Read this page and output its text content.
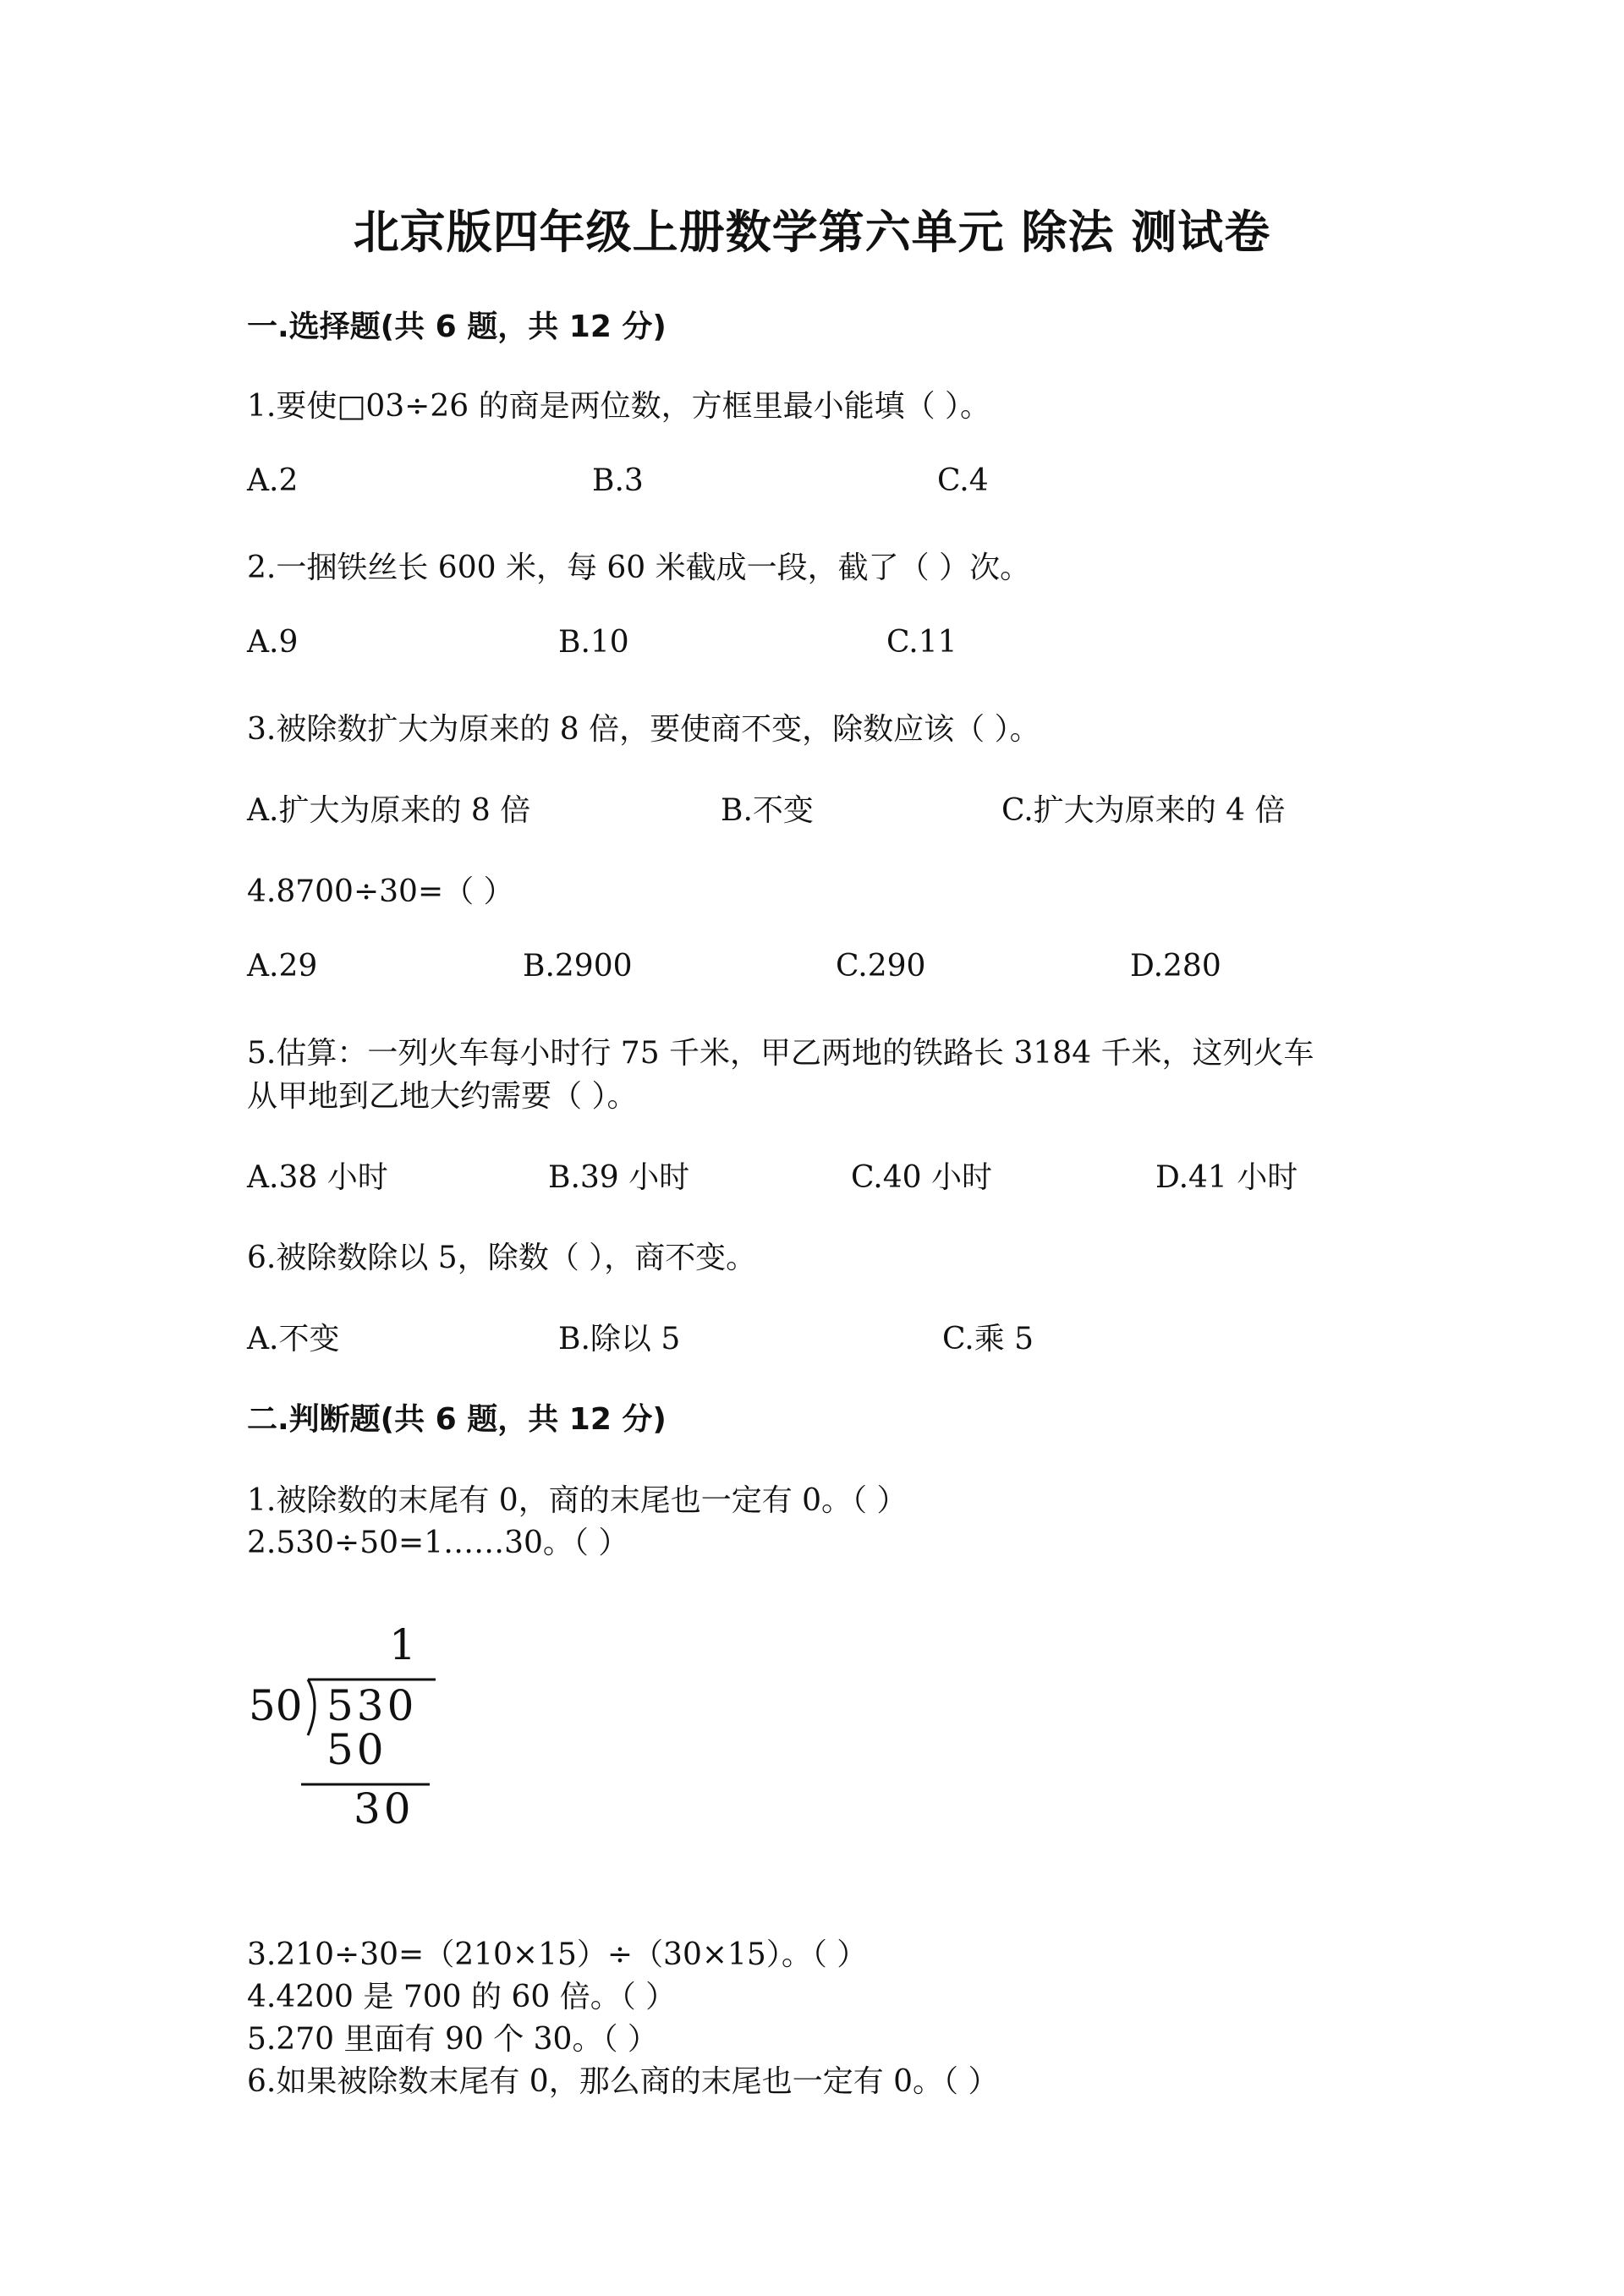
北京版四年级上册数学第六单元 除法 测试卷
一.选择题(共 6 题，共 12 分)
1.要使□03÷26 的商是两位数，方框里最小能填（ ）。
A.2	B.3	C.4
2.一捆铁丝长 600 米，每 60 米截成一段，截了（ ）次。
A.9	B.10	C.11
3.被除数扩大为原来的 8 倍，要使商不变，除数应该（ ）。
A.扩大为原来的 8 倍	B.不变	C.扩大为原来的 4 倍
4.8700÷30=（ ）
A.29	B.2900	C.290	D.280
5.估算：一列火车每小时行 75 千米，甲乙两地的铁路长 3184 千米，这列火车
从甲地到乙地大约需要（ ）。
A.38 小时	B.39 小时	C.40 小时	D.41 小时
6.被除数除以 5，除数（ ），商不变。
A.不变	B.除以 5	C.乘 5
二.判断题(共 6 题，共 12 分)
1.被除数的末尾有 0，商的末尾也一定有 0。（ ）
2.530÷50=1……30。（ ）
1
50 530
50
30
3.210÷30=（210×15）÷（30×15）。（ ）
4.4200 是 700 的 60 倍。（ ）
5.270 里面有 90 个 30。（ ）
6.如果被除数末尾有 0，那么商的末尾也一定有 0。（ ）
